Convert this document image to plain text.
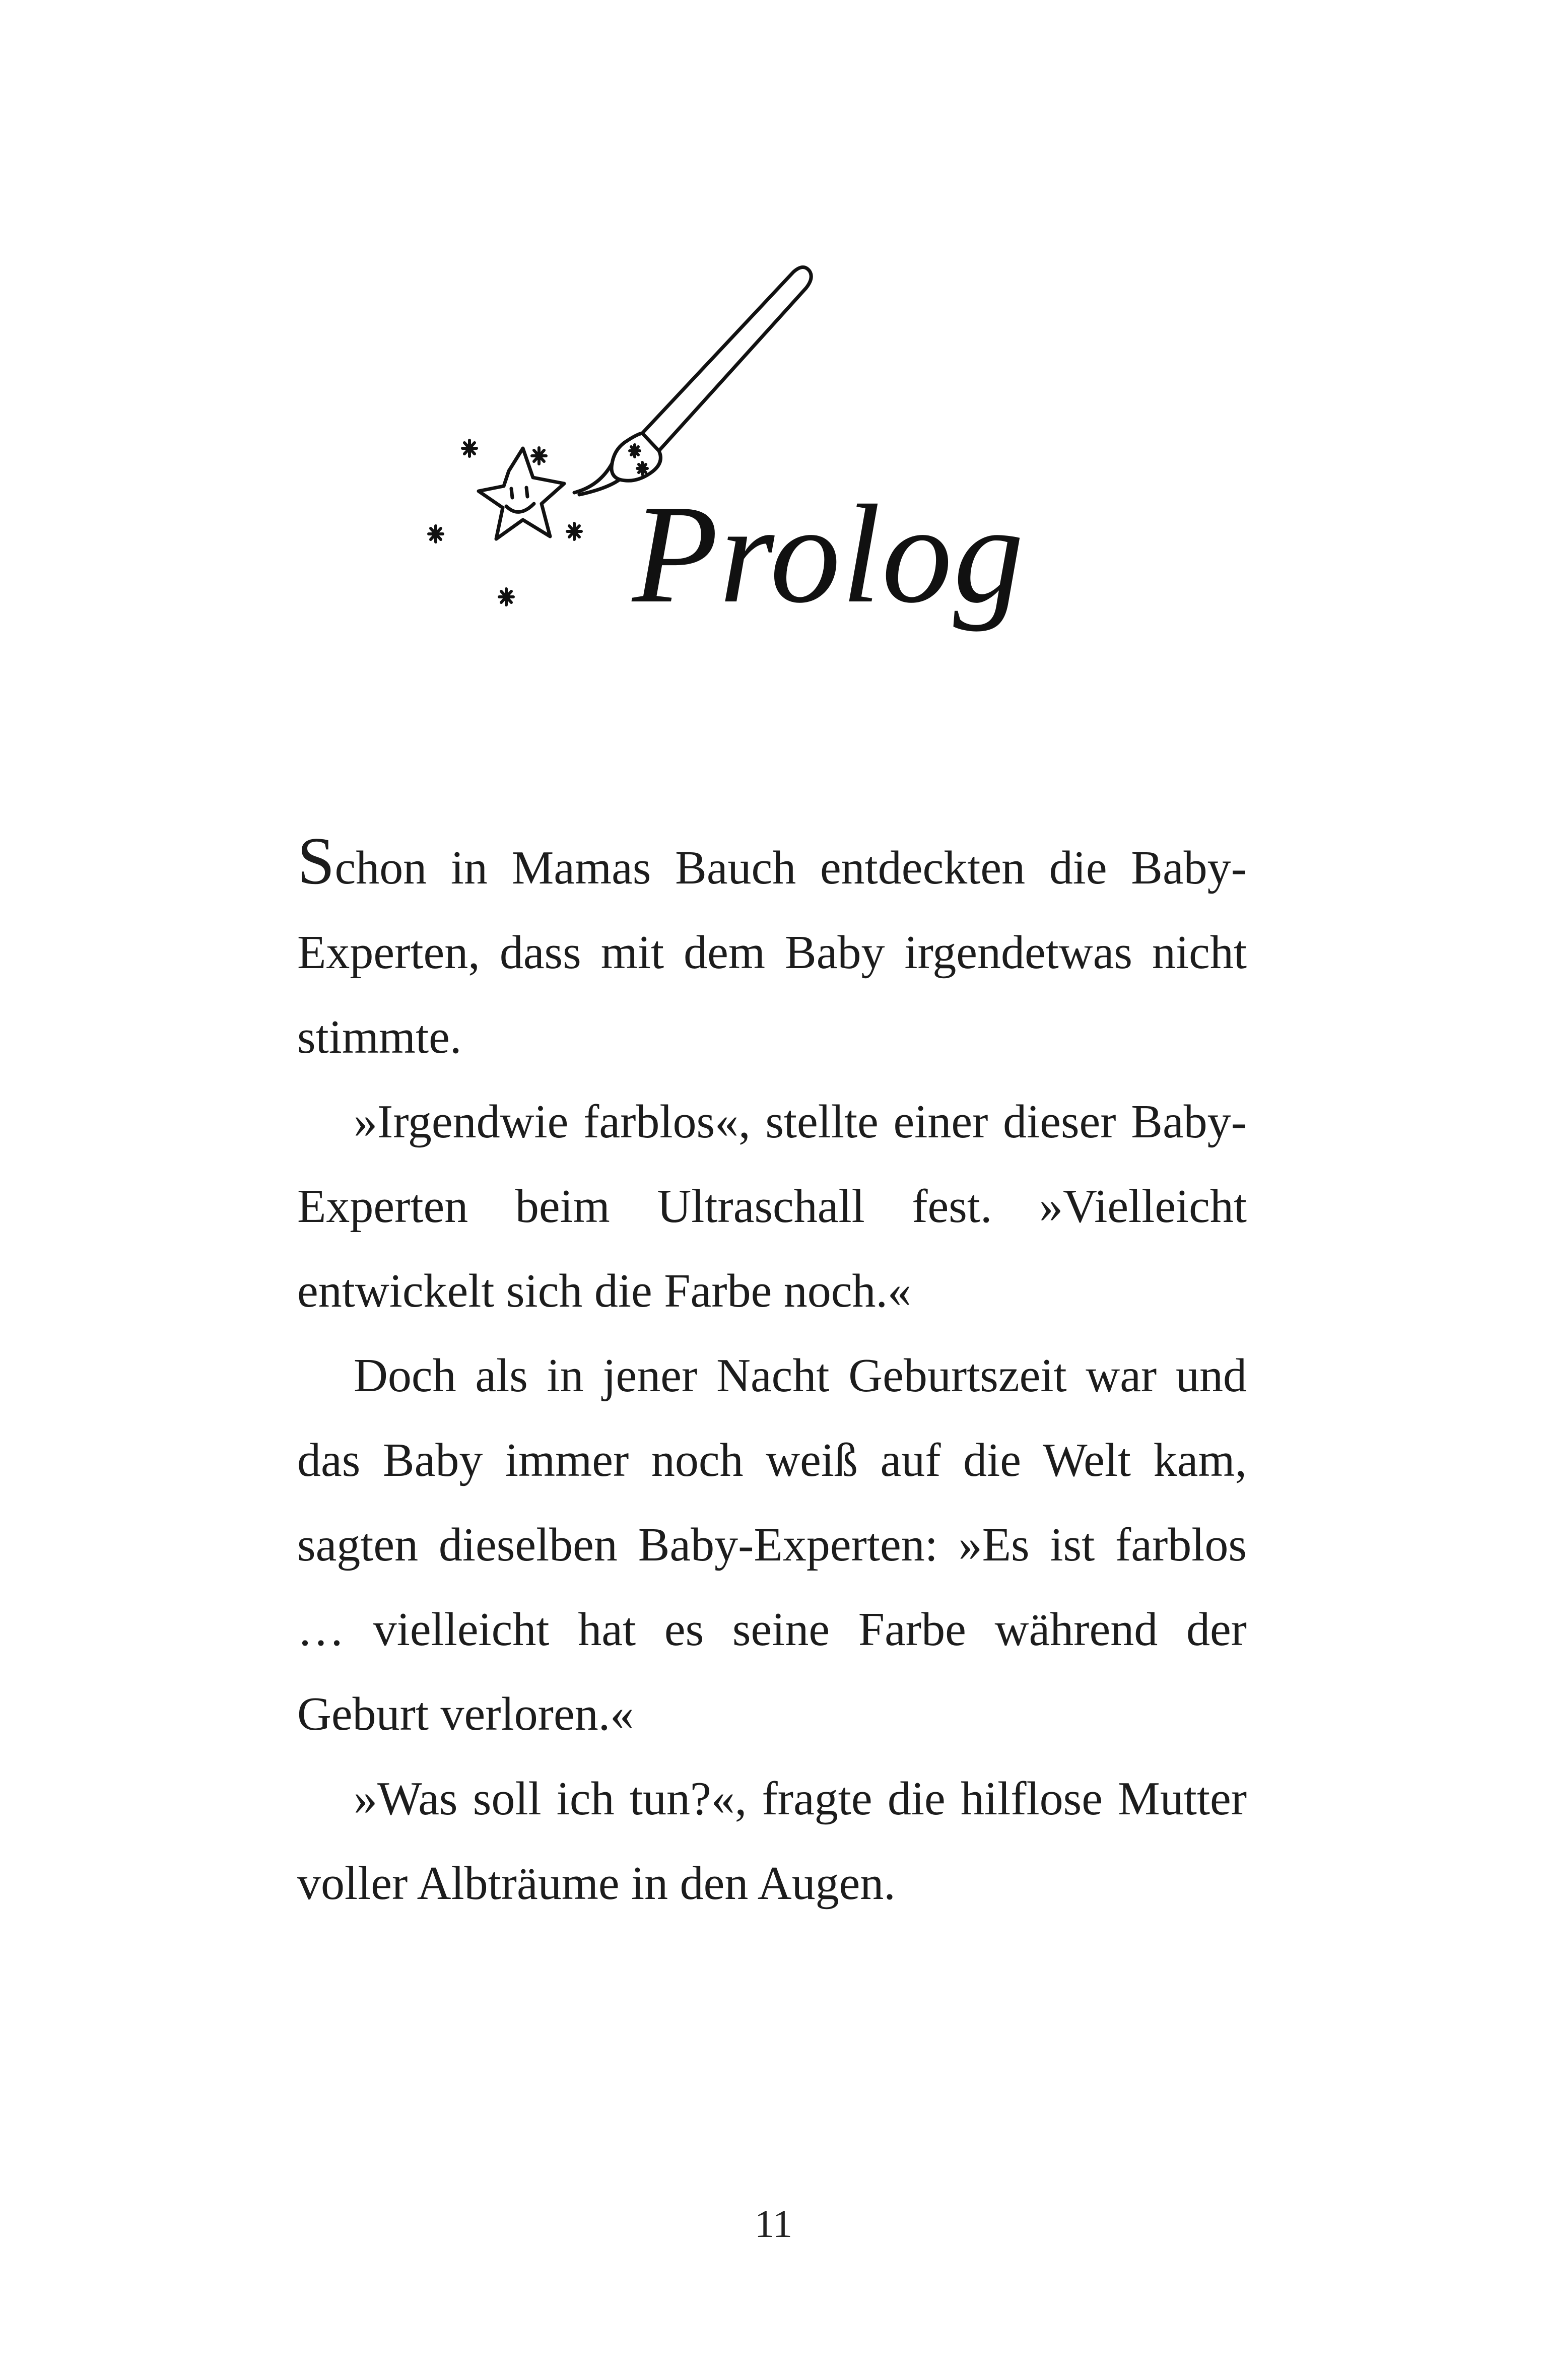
Prolog

Schon in Mamas Bauch entdeckten die Baby-Experten, dass mit dem Baby irgendetwas nicht stimmte.

»Irgendwie farblos«, stellte einer dieser Baby-Experten beim Ultraschall fest. »Vielleicht entwickelt sich die Farbe noch.«

Doch als in jener Nacht Geburtszeit war und das Baby immer noch weiß auf die Welt kam, sagten dieselben Baby-Experten: »Es ist farblos … vielleicht hat es seine Farbe während der Geburt verloren.«

»Was soll ich tun?«, fragte die hilflose Mutter voller Albträume in den Augen.

11
